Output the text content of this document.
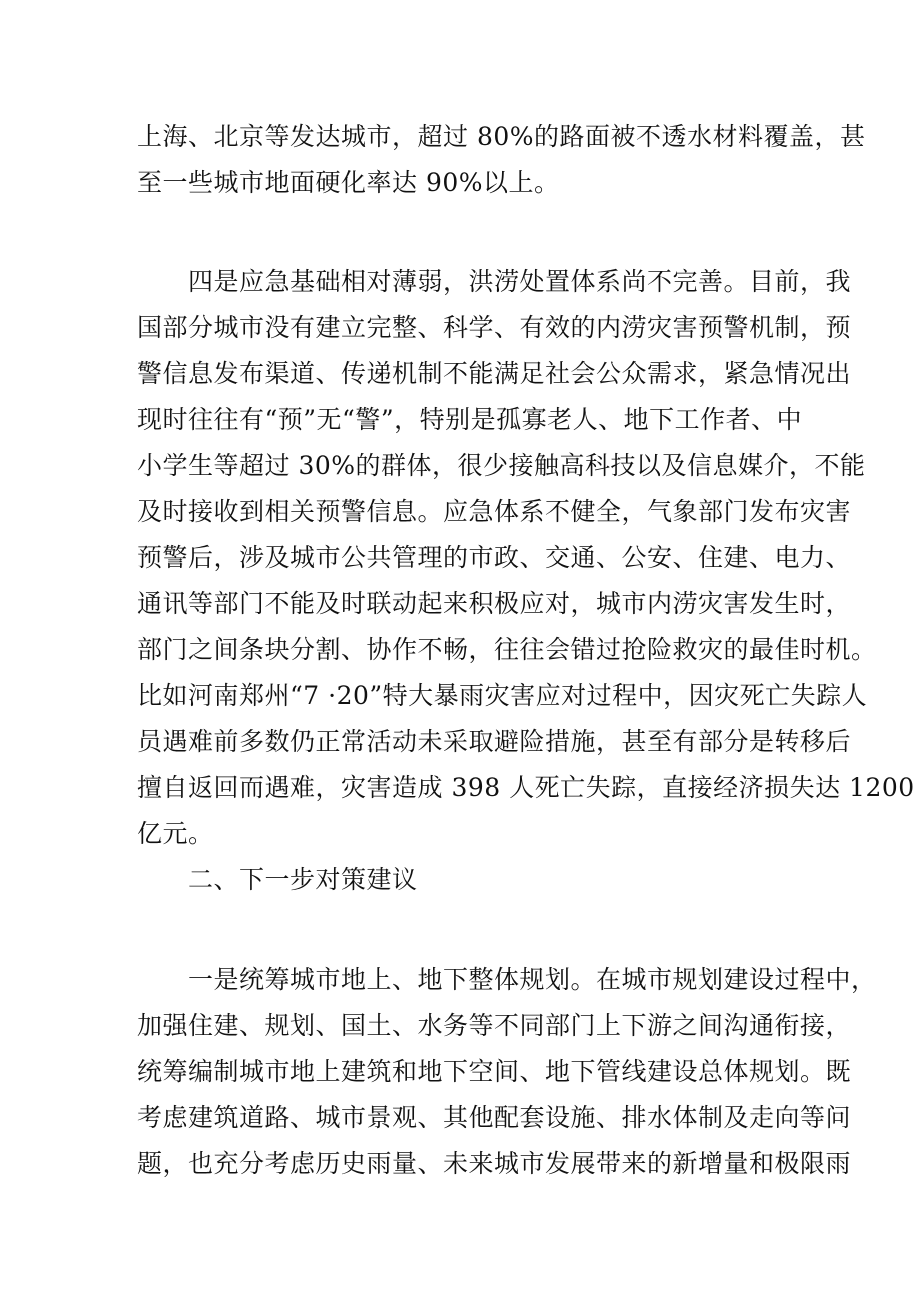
上海、北京等发达城市，超过 80%的路面被不透水材料覆盖，甚
至一些城市地面硬化率达 90%以上。
四是应急基础相对薄弱，洪涝处置体系尚不完善。目前，我
国部分城市没有建立完整、科学、有效的内涝灾害预警机制，预
警信息发布渠道、传递机制不能满足社会公众需求，紧急情况出
现时往往有“预”无“警”，特别是孤寡老人、地下工作者、中
小学生等超过 30%的群体，很少接触高科技以及信息媒介，不能
及时接收到相关预警信息。应急体系不健全，气象部门发布灾害
预警后，涉及城市公共管理的市政、交通、公安、住建、电力、
通讯等部门不能及时联动起来积极应对，城市内涝灾害发生时，
部门之间条块分割、协作不畅，往往会错过抢险救灾的最佳时机。
比如河南郑州“7 ·20”特大暴雨灾害应对过程中，因灾死亡失踪人
员遇难前多数仍正常活动未采取避险措施，甚至有部分是转移后
擅自返回而遇难，灾害造成 398 人死亡失踪，直接经济损失达 1200
亿元。
二、下一步对策建议
一是统筹城市地上、地下整体规划。在城市规划建设过程中，
加强住建、规划、国土、水务等不同部门上下游之间沟通衔接，
统筹编制城市地上建筑和地下空间、地下管线建设总体规划。既
考虑建筑道路、城市景观、其他配套设施、排水体制及走向等问
题，也充分考虑历史雨量、未来城市发展带来的新增量和极限雨
